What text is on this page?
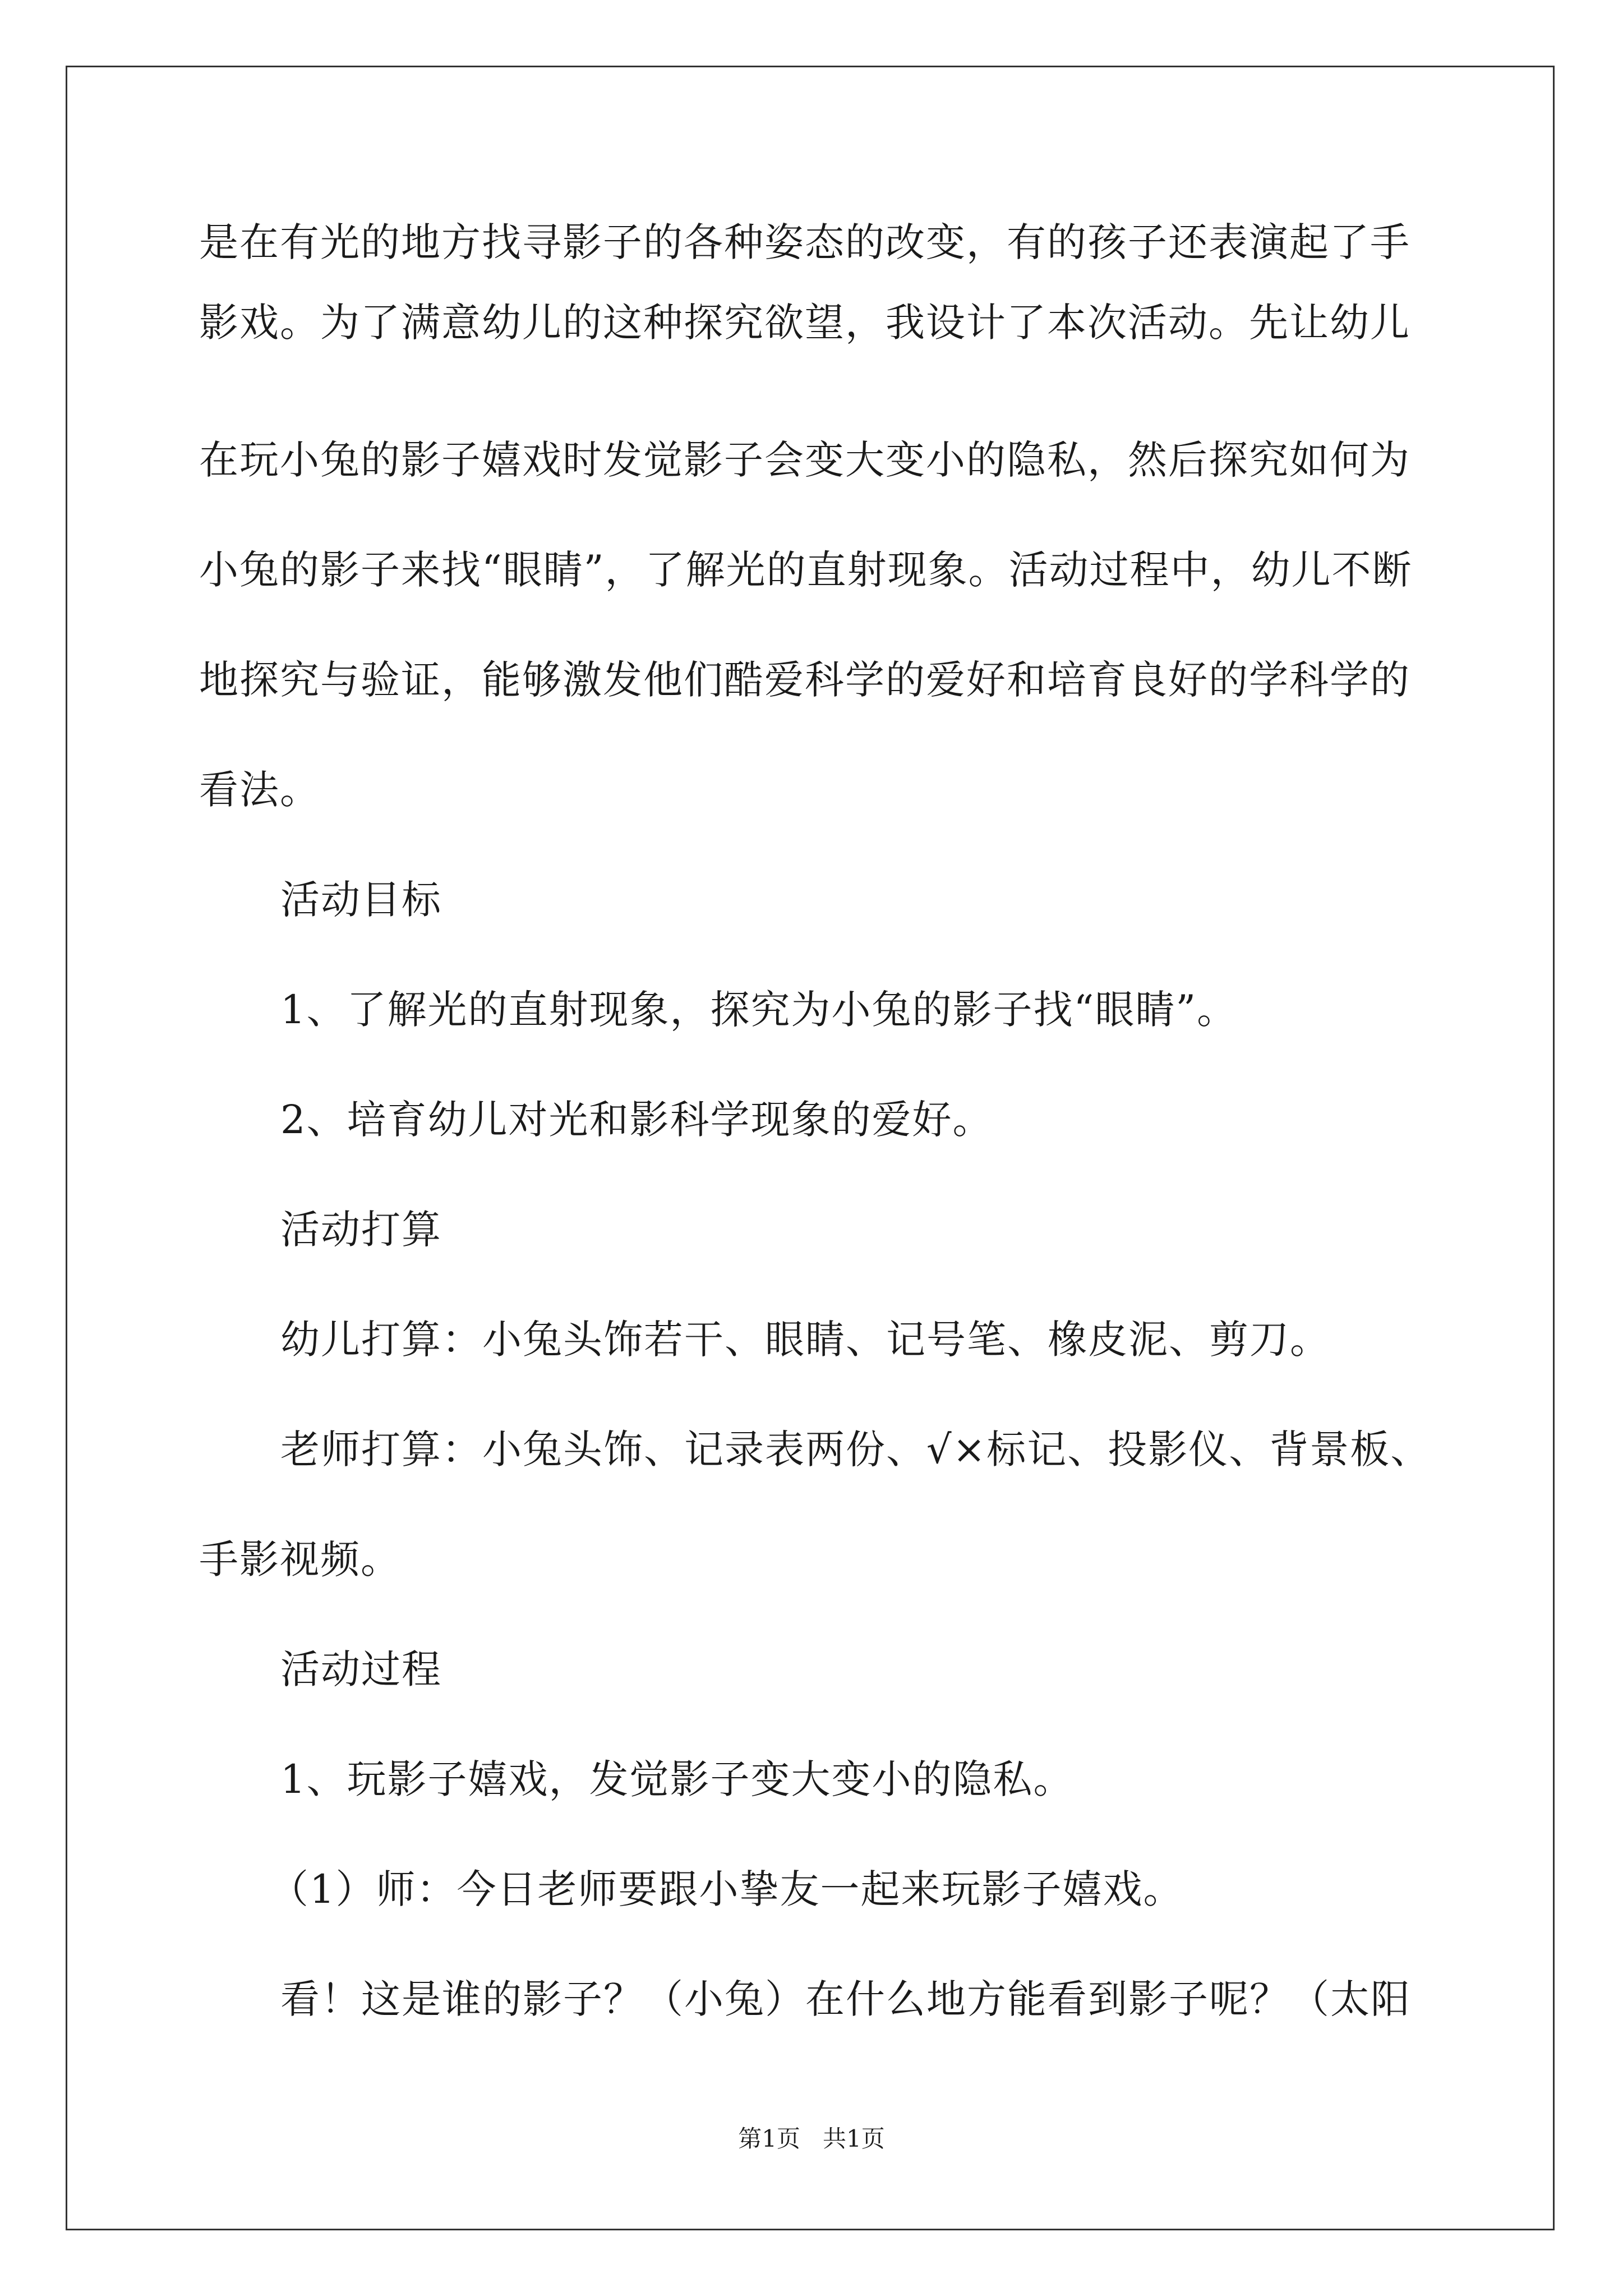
是在有光的地方找寻影子的各种姿态的改变，有的孩子还表演起了手
影戏。为了满意幼儿的这种探究欲望，我设计了本次活动。先让幼儿
在玩小兔的影子嬉戏时发觉影子会变大变小的隐私，然后探究如何为
小兔的影子来找“眼睛”，了解光的直射现象。活动过程中，幼儿不断
地探究与验证，能够激发他们酷爱科学的爱好和培育良好的学科学的
看法。
活动目标
1、了解光的直射现象，探究为小兔的影子找“眼睛”。
2、培育幼儿对光和影科学现象的爱好。
活动打算
幼儿打算：小兔头饰若干、眼睛、记号笔、橡皮泥、剪刀。
老师打算：小兔头饰、记录表两份、√×标记、投影仪、背景板、
手影视频。
活动过程
1、玩影子嬉戏，发觉影子变大变小的隐私。
（1）师：今日老师要跟小挚友一起来玩影子嬉戏。
看！这是谁的影子？（小兔）在什么地方能看到影子呢？（太阳
第1页 共1页
